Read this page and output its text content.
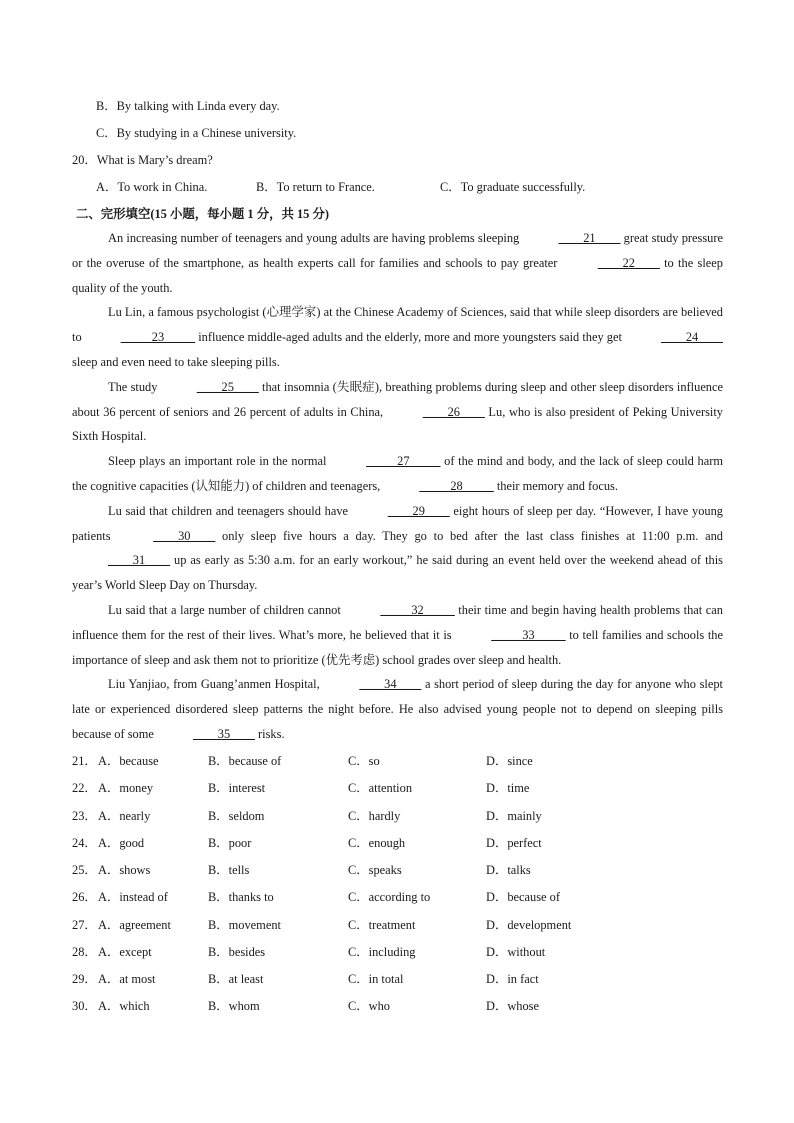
B．By talking with Linda every day.
C．By studying in a Chinese university.
20．What is Mary’s dream?
A．To work in China.	B．To return to France.	C．To graduate successfully.
二、完形填空(15 小题，每小题 1 分，共 15 分)

An increasing number of teenagers and young adults are having problems sleeping	____21____ great study pressure or the overuse of the smartphone, as health experts call for families and schools to pay greater	____22____ to the sleep quality of the youth.

Lu Lin, a famous psychologist (心理学家) at the Chinese Academy of Sciences, said that while sleep disorders are believed to	_____23_____ influence middle-aged adults and the elderly, more and more youngsters said they get	____24____ sleep and even need to take sleeping pills.

The study	____25____ that insomnia (失眠症), breathing problems during sleep and other sleep disorders influence about 36 percent of seniors and 26 percent of adults in China,	____26____ Lu, who is also president of Peking University Sixth Hospital.

Sleep plays an important role in the normal	_____27_____ of the mind and body, and the lack of sleep could harm the cognitive capacities (认知能力) of children and teenagers,	_____28_____ their memory and focus.

Lu said that children and teenagers should have	____29____ eight hours of sleep per day. “However, I have young patients	____30____ only sleep five hours a day. They go to bed after the last class finishes at 11:00 p.m. and ____31____ up as early as 5:30 a.m. for an early workout,” he said during an event held over the weekend ahead of this year’s World Sleep Day on Thursday.

Lu said that a large number of children cannot	_____32_____ their time and begin having health problems that can influence them for the rest of their lives. What’s more, he believed that it is	_____33_____ to tell families and schools the importance of sleep and ask them not to prioritize (优先考虑) school grades over sleep and health.

Liu Yanjiao, from Guang’anmen Hospital,	____34____ a short period of sleep during the day for anyone who slept late or experienced disordered sleep patterns the night before. He also advised young people not to depend on sleeping pills because of some	____35____ risks.

21． A．because	B．because of	C．so	D．since
22． A．money	B．interest	C．attention	D．time
23． A．nearly	B．seldom	C．hardly	D．mainly
24． A．good	B．poor	C．enough	D．perfect
25． A．shows	B．tells	C．speaks	D．talks
26． A．instead of	B．thanks to	C．according to	D．because of
27． A．agreement	B．movement	C．treatment	D．development
28． A．except	B．besides	C．including	D．without
29． A．at most	B．at least	C．in total	D．in fact
30． A．which	B．whom	C．who	D．whose
